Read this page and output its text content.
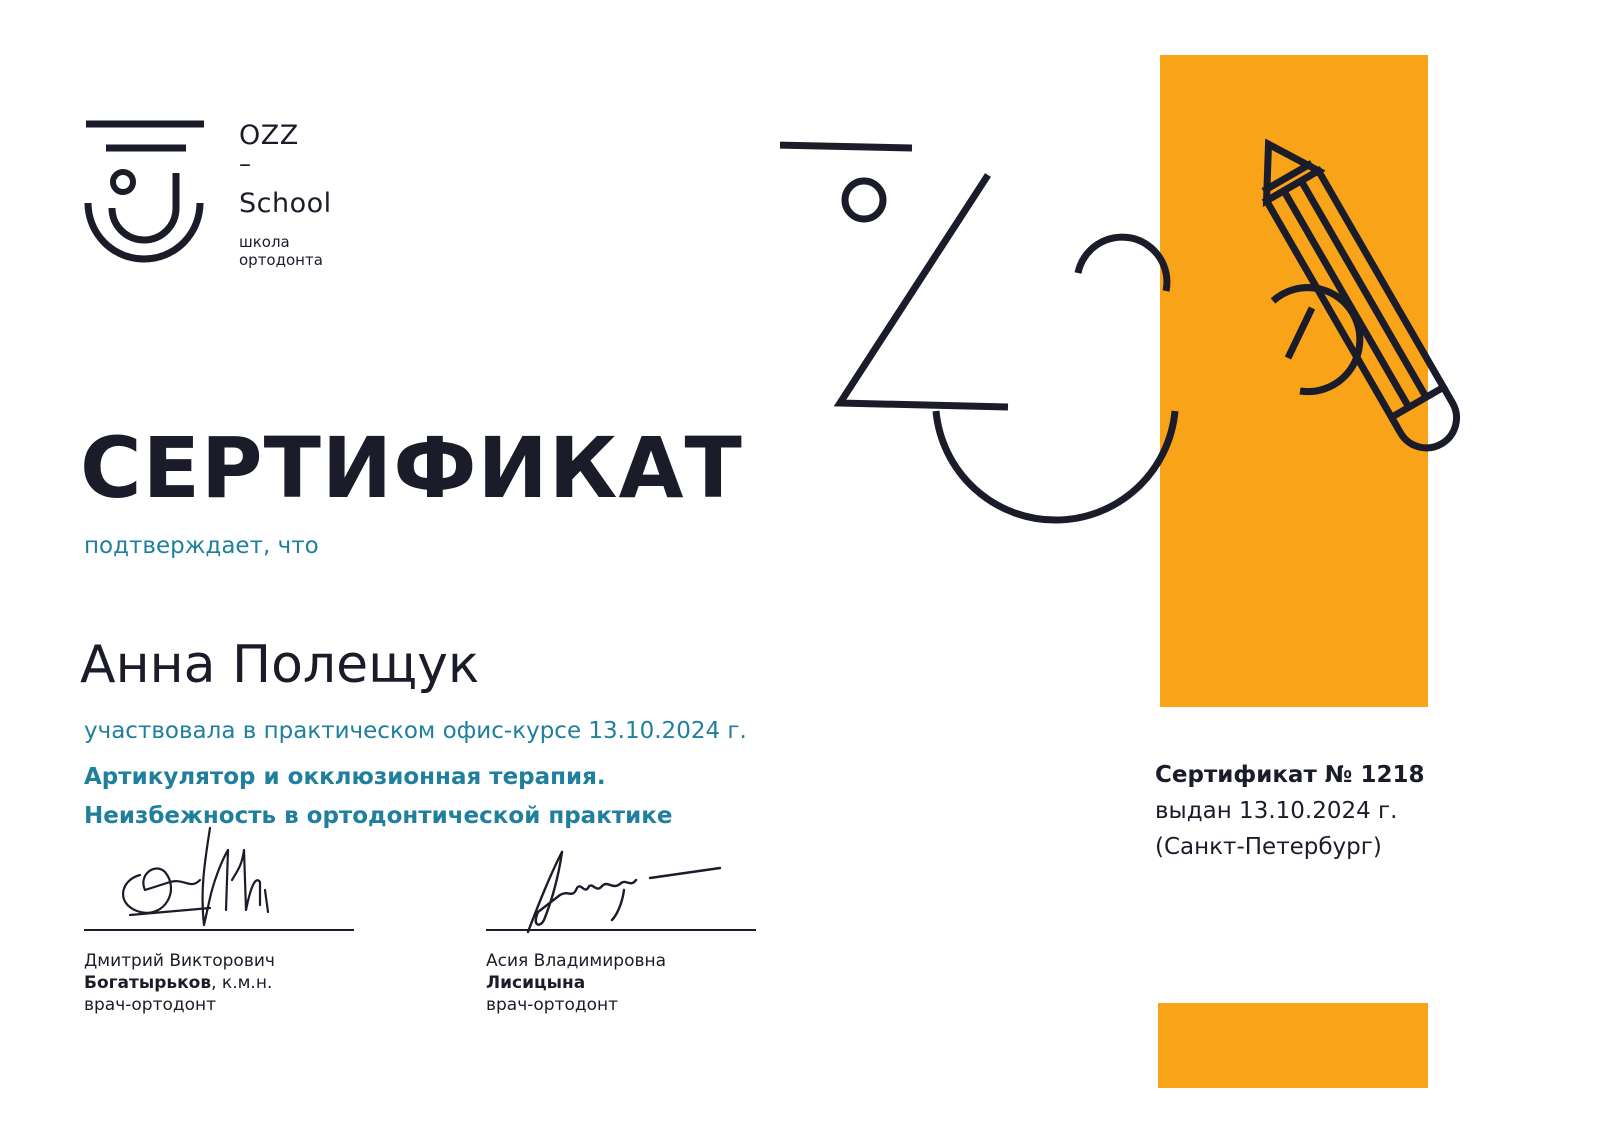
OZZ
–
School
школа
ортодонта
СЕРТИФИКАТ
подтверждает, что
Анна Полещук
участвовала в практическом офис-курсе 13.10.2024 г.
Артикулятор и окклюзионная терапия.
Неизбежность в ортодонтической практике
Сертификат № 1218
выдан 13.10.2024 г.
(Санкт-Петербург)
Дмитрий Викторович
Богатырьков, к.м.н.
врач-ортодонт
Асия Владимировна
Лисицына
врач-ортодонт
